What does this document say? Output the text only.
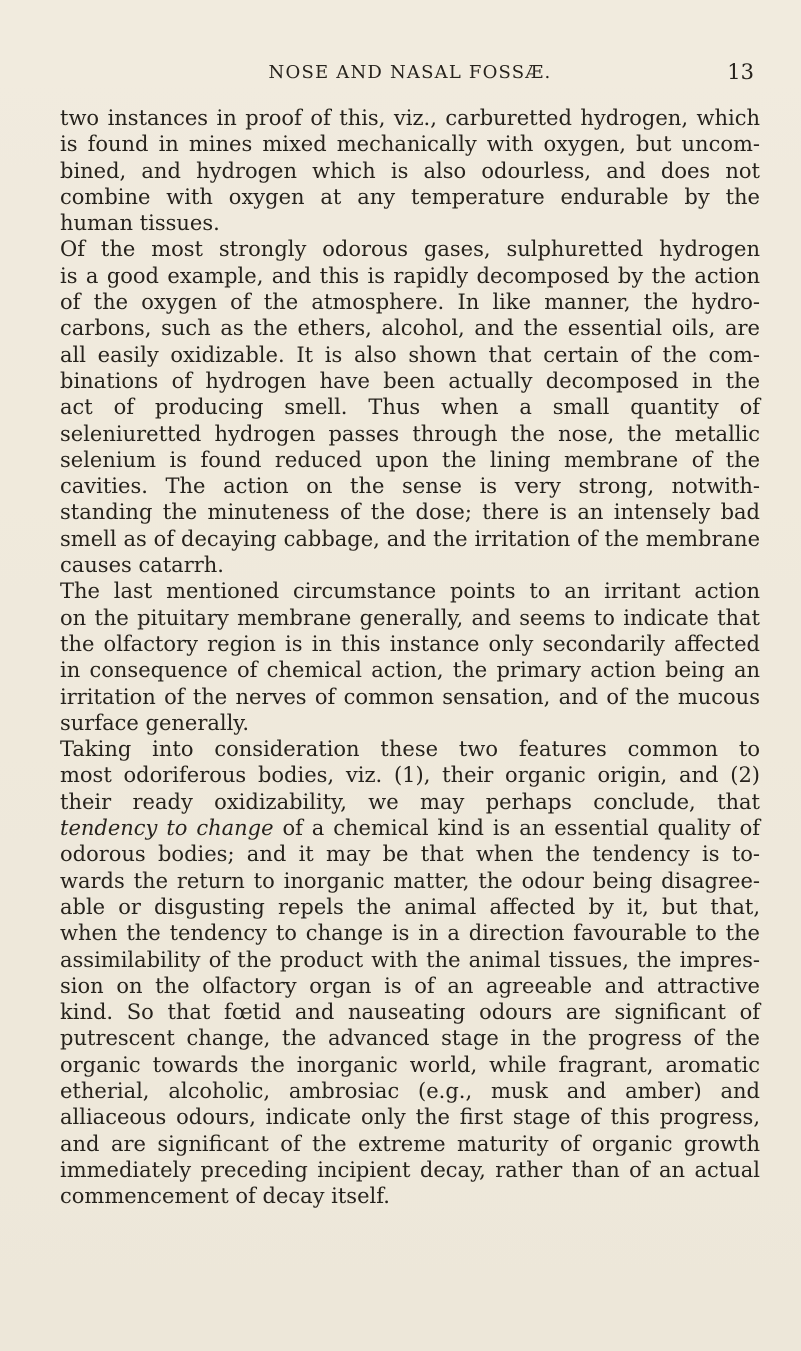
NOSE AND NASAL FOSSÆ.	13
two instances in proof of this, viz., carburetted hydrogen, which
is found in mines mixed mechanically with oxygen, but uncom-
bined, and hydrogen which is also odourless, and does not
combine with oxygen at any temperature endurable by the
human tissues.
Of the most strongly odorous gases, sulphuretted hydrogen
is a good example, and this is rapidly decomposed by the action
of the oxygen of the atmosphere. In like manner, the hydro-
carbons, such as the ethers, alcohol, and the essential oils, are
all easily oxidizable. It is also shown that certain of the com-
binations of hydrogen have been actually decomposed in the
act of producing smell. Thus when a small quantity of
seleniuretted hydrogen passes through the nose, the metallic
selenium is found reduced upon the lining membrane of the
cavities. The action on the sense is very strong, notwith-
standing the minuteness of the dose; there is an intensely bad
smell as of decaying cabbage, and the irritation of the membrane
causes catarrh.
The last mentioned circumstance points to an irritant action
on the pituitary membrane generally, and seems to indicate that
the olfactory region is in this instance only secondarily affected
in consequence of chemical action, the primary action being an
irritation of the nerves of common sensation, and of the mucous
surface generally.
Taking into consideration these two features common to
most odoriferous bodies, viz. (1), their organic origin, and (2)
their ready oxidizability, we may perhaps conclude, that
tendency to change of a chemical kind is an essential quality of
odorous bodies; and it may be that when the tendency is to-
wards the return to inorganic matter, the odour being disagree-
able or disgusting repels the animal affected by it, but that,
when the tendency to change is in a direction favourable to the
assimilability of the product with the animal tissues, the impres-
sion on the olfactory organ is of an agreeable and attractive
kind. So that fœtid and nauseating odours are significant of
putrescent change, the advanced stage in the progress of the
organic towards the inorganic world, while fragrant, aromatic
etherial, alcoholic, ambrosiac (e.g., musk and amber) and
alliaceous odours, indicate only the first stage of this progress,
and are significant of the extreme maturity of organic growth
immediately preceding incipient decay, rather than of an actual
commencement of decay itself.
